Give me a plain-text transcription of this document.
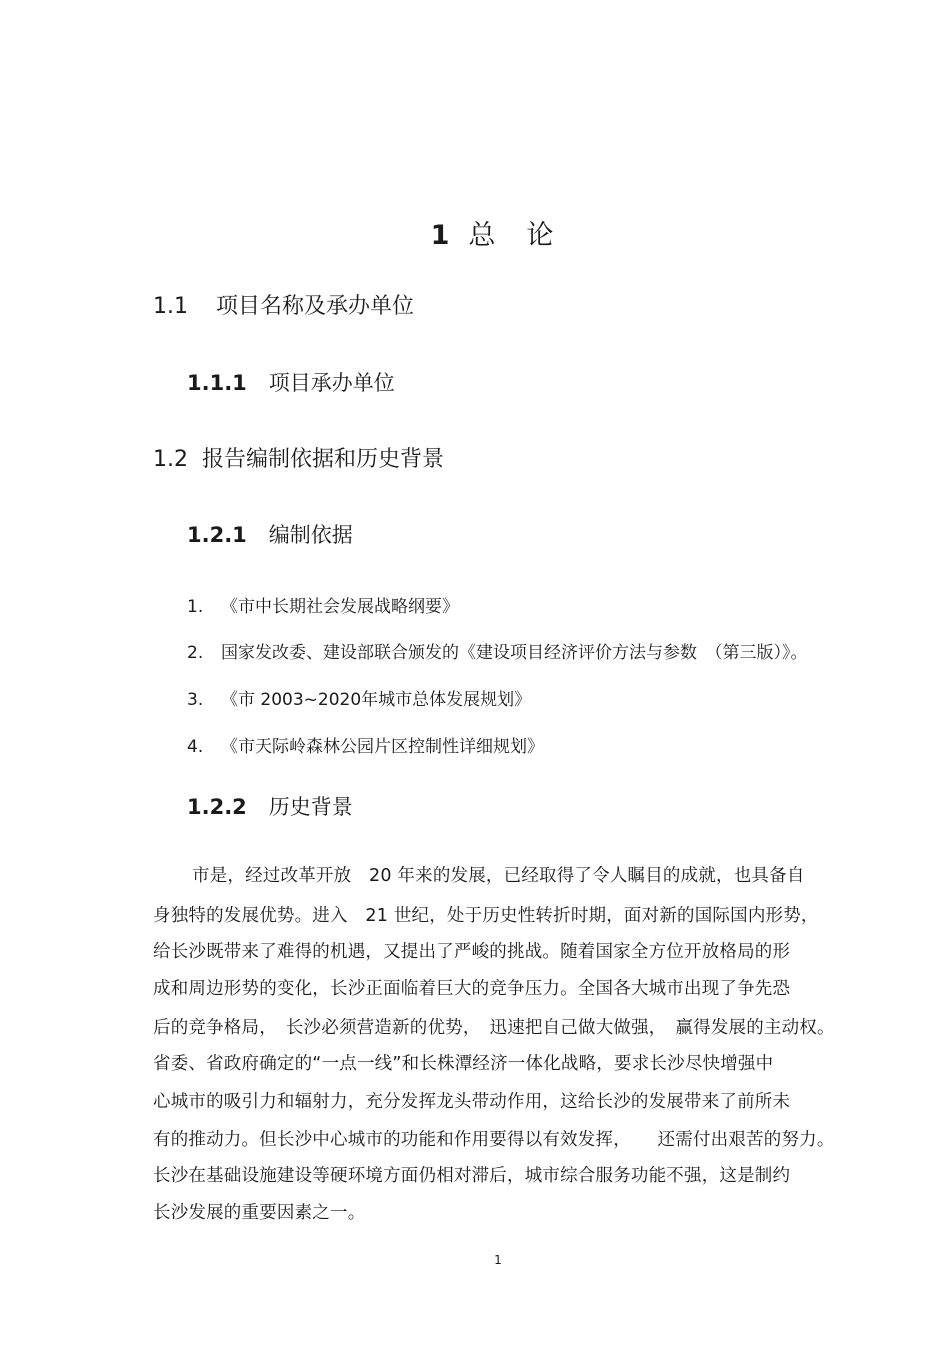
1 总 论
1.1 项目名称及承办单位
1.1.1 项目承办单位
1.2 报告编制依据和历史背景
1.2.1 编制依据
1. 《市中长期社会发展战略纲要》
2. 国家发改委、建设部联合颁发的《建设项目经济评价方法与参数　（第三版）》。
3. 《市 2003~2020年城市总体发展规划》
4. 《市天际岭森林公园片区控制性详细规划》
1.2.2 历史背景
市是，经过改革开放　20 年来的发展，已经取得了令人瞩目的成就，也具备自
身独特的发展优势。进入　21 世纪，处于历史性转折时期，面对新的国际国内形势，
给长沙既带来了难得的机遇，又提出了严峻的挑战。随着国家全方位开放格局的形
成和周边形势的变化，长沙正面临着巨大的竞争压力。全国各大城市出现了争先恐
后的竞争格局，　长沙必须营造新的优势，　迅速把自己做大做强，　赢得发展的主动权。
省委、省政府确定的“一点一线”和长株潭经济一体化战略，要求长沙尽快增强中
心城市的吸引力和辐射力，充分发挥龙头带动作用，这给长沙的发展带来了前所未
有的推动力。但长沙中心城市的功能和作用要得以有效发挥，　　还需付出艰苦的努力。
长沙在基础设施建设等硬环境方面仍相对滞后，城市综合服务功能不强，这是制约
长沙发展的重要因素之一。
1
